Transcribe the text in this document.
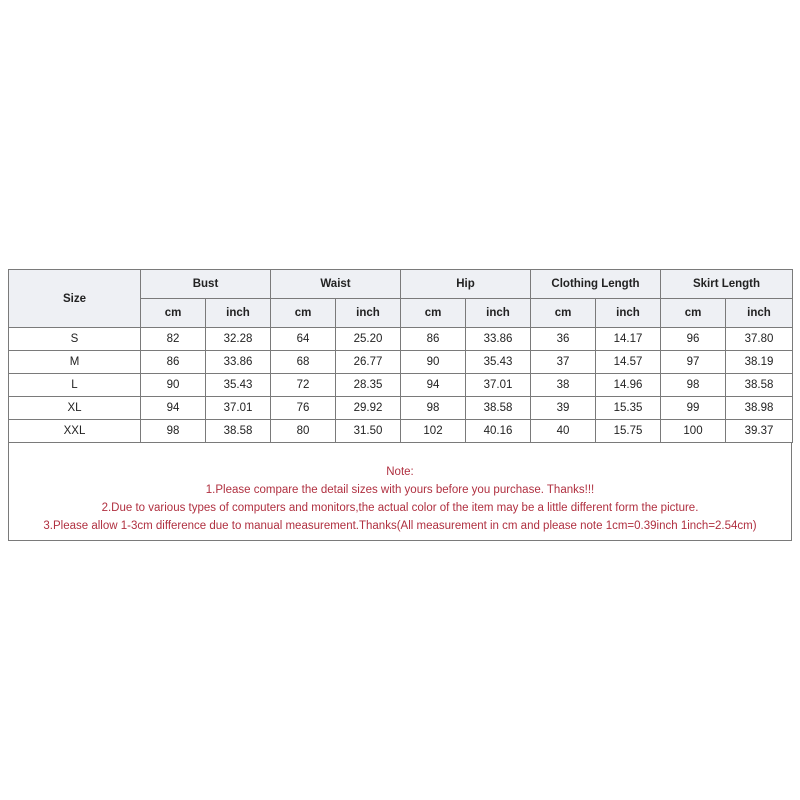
Size	Bust		Waist		Hip		Clothing Length		Skirt Length	
	cm	inch	cm	inch	cm	inch	cm	inch	cm	inch
S	82	32.28	64	25.20	86	33.86	36	14.17	96	37.80
M	86	33.86	68	26.77	90	35.43	37	14.57	97	38.19
L	90	35.43	72	28.35	94	37.01	38	14.96	98	38.58
XL	94	37.01	76	29.92	98	38.58	39	15.35	99	38.98
XXL	98	38.58	80	31.50	102	40.16	40	15.75	100	39.37
Note:
1.Please compare the detail sizes with yours before you purchase. Thanks!!!
2.Due to various types of computers and monitors,the actual color of the item may be a little different form the picture.
3.Please allow 1-3cm difference due to manual measurement.Thanks(All measurement in cm and please note 1cm=0.39inch 1inch=2.54cm)
